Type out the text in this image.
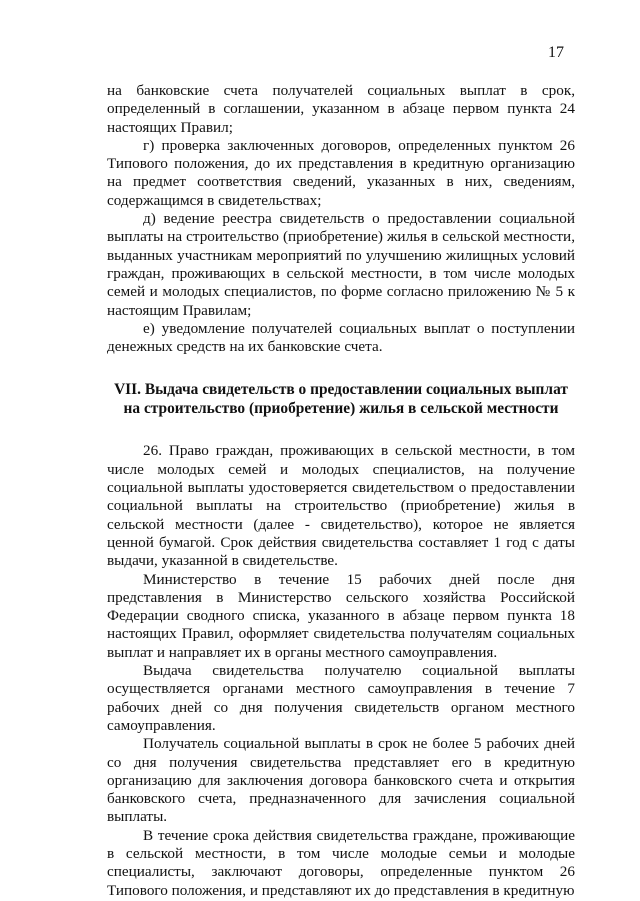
17

на банковские счета получателей социальных выплат в срок, определенный в соглашении, указанном в абзаце первом пункта 24 настоящих Правил;

г) проверка заключенных договоров, определенных пунктом 26 Типового положения, до их представления в кредитную организацию на предмет соответствия сведений, указанных в них, сведениям, содержащимся в свидетельствах;

д) ведение реестра свидетельств о предоставлении социальной выплаты на строительство (приобретение) жилья в сельской местности, выданных участникам мероприятий по улучшению жилищных условий граждан, проживающих в сельской местности, в том числе молодых семей и молодых специалистов, по форме согласно приложению № 5 к настоящим Правилам;

е) уведомление получателей социальных выплат о поступлении денежных средств на их банковские счета.

VII. Выдача свидетельств о предоставлении социальных выплат
на строительство (приобретение) жилья в сельской местности

26. Право граждан, проживающих в сельской местности, в том числе молодых семей и молодых специалистов, на получение социальной выплаты удостоверяется свидетельством о предоставлении социальной выплаты на строительство (приобретение) жилья в сельской местности (далее - свидетельство), которое не является ценной бумагой. Срок действия свидетельства составляет 1 год с даты выдачи, указанной в свидетельстве.

Министерство в течение 15 рабочих дней после дня представления в Министерство сельского хозяйства Российской Федерации сводного списка, указанного в абзаце первом пункта 18 настоящих Правил, оформляет свидетельства получателям социальных выплат и направляет их в органы местного самоуправления.

Выдача свидетельства получателю социальной выплаты осуществляется органами местного самоуправления в течение 7 рабочих дней со дня получения свидетельств органом местного самоуправления.

Получатель социальной выплаты в срок не более 5 рабочих дней со дня получения свидетельства представляет его в кредитную организацию для заключения договора банковского счета и открытия банковского счета, предназначенного для зачисления социальной выплаты.

В течение срока действия свидетельства граждане, проживающие в сельской местности, в том числе молодые семьи и молодые специалисты, заключают договоры, определенные пунктом 26 Типового положения, и представляют их до представления в кредитную
